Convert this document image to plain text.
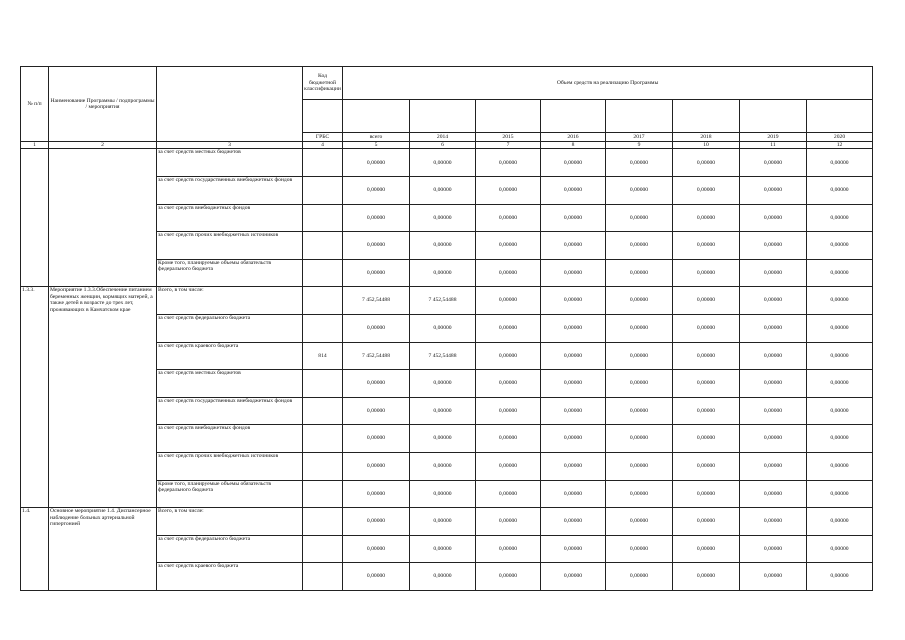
№ п/п	Наименование Программы / подпрограммы / мероприятия		Код бюджетной классификации	Объем средств на реализацию Программы							

			ГРБС	всего	2014	2015	2016	2017	2018	2019	2020
1	2	3	4	5	6	7	8	9	10	11	12
		за счет средств местных бюджетов		0,00000	0,00000	0,00000	0,00000	0,00000	0,00000	0,00000	0,00000
		за счет средств государственных внебюджетных фондов		0,00000	0,00000	0,00000	0,00000	0,00000	0,00000	0,00000	0,00000
		за счет средств внебюджетных фондов		0,00000	0,00000	0,00000	0,00000	0,00000	0,00000	0,00000	0,00000
		за счет средств прочих внебюджетных источников		0,00000	0,00000	0,00000	0,00000	0,00000	0,00000	0,00000	0,00000
		Кроме того, планируемые объемы обязательств федерального бюджета		0,00000	0,00000	0,00000	0,00000	0,00000	0,00000	0,00000	0,00000
1.3.3.	Мероприятие 1.3.3.Обеспечение питанием беременных женщин, кормящих матерей, а также детей в возрасте до трех лет, проживающих в Камчатском крае	Всего, в том числе:		7 452,54488	7 452,54488	0,00000	0,00000	0,00000	0,00000	0,00000	0,00000
		за счет средств федерального бюджета		0,00000	0,00000	0,00000	0,00000	0,00000	0,00000	0,00000	0,00000
		за счет средств краевого бюджета	814	7 452,54488	7 452,54488	0,00000	0,00000	0,00000	0,00000	0,00000	0,00000
		за счет средств местных бюджетов		0,00000	0,00000	0,00000	0,00000	0,00000	0,00000	0,00000	0,00000
		за счет средств государственных внебюджетных фондов		0,00000	0,00000	0,00000	0,00000	0,00000	0,00000	0,00000	0,00000
		за счет средств внебюджетных фондов		0,00000	0,00000	0,00000	0,00000	0,00000	0,00000	0,00000	0,00000
		за счет средств прочих внебюджетных источников		0,00000	0,00000	0,00000	0,00000	0,00000	0,00000	0,00000	0,00000
		Кроме того, планируемые объемы обязательств федерального бюджета		0,00000	0,00000	0,00000	0,00000	0,00000	0,00000	0,00000	0,00000
1.4.	Основное мероприятие 1.4. Диспансерное наблюдение больных артериальной гипертонией	Всего, в том числе:		0,00000	0,00000	0,00000	0,00000	0,00000	0,00000	0,00000	0,00000
		за счет средств федерального бюджета		0,00000	0,00000	0,00000	0,00000	0,00000	0,00000	0,00000	0,00000
		за счет средств краевого бюджета		0,00000	0,00000	0,00000	0,00000	0,00000	0,00000	0,00000	0,00000
